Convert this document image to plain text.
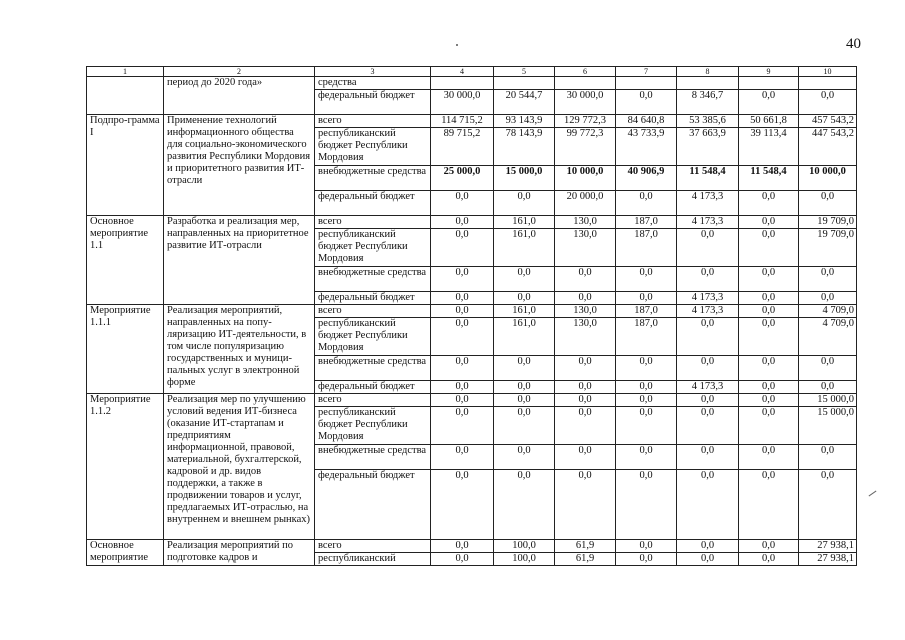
40
1	2	3	4	5	6	7	8	9	10
	период до 2020 года»	средства							
		федеральный бюджет	30 000,0	20 544,7	30 000,0	0,0	8 346,7	0,0	0,0
Подпро-грамма I	Применение технологий информационного общества для социально-экономического развития Республики Мордовия и приоритетного развития ИТ-отрасли	всего	114 715,2	93 143,9	129 772,3	84 640,8	53 385,6	50 661,8	457 543,2
		республиканский бюджет Республики Мордовия	89 715,2	78 143,9	99 772,3	43 733,9	37 663,9	39 113,4	447 543,2
		внебюджетные средства	25 000,0	15 000,0	10 000,0	40 906,9	11 548,4	11 548,4	10 000,0
		федеральный бюджет	0,0	0,0	20 000,0	0,0	4 173,3	0,0	0,0
Основное мероприятие 1.1	Разработка и реализация мер, направленных на приоритетное развитие ИТ-отрасли	всего	0,0	161,0	130,0	187,0	4 173,3	0,0	19 709,0
		республиканский бюджет Республики Мордовия	0,0	161,0	130,0	187,0	0,0	0,0	19 709,0
		внебюджетные средства	0,0	0,0	0,0	0,0	0,0	0,0	0,0
		федеральный бюджет	0,0	0,0	0,0	0,0	4 173,3	0,0	0,0
Мероприятие 1.1.1	Реализация мероприятий, направленных на попу-ляризацию ИТ-деятельности, в том числе популяризацию государственных и муници-пальных услуг в электронной форме	всего	0,0	161,0	130,0	187,0	4 173,3	0,0	4 709,0
		республиканский бюджет Республики Мордовия	0,0	161,0	130,0	187,0	0,0	0,0	4 709,0
		внебюджетные средства	0,0	0,0	0,0	0,0	0,0	0,0	0,0
		федеральный бюджет	0,0	0,0	0,0	0,0	4 173,3	0,0	0,0
Мероприятие 1.1.2	Реализация мер по улучшению условий ведения ИТ-бизнеса (оказание ИТ-стартапам и предприятиям информационной, правовой, материальной, бухгалтерской, кадровой и др. видов поддержки, а также в продвижении товаров и услуг, предлагаемых ИТ-отраслью, на внутреннем и внешнем рынках)	всего	0,0	0,0	0,0	0,0	0,0	0,0	15 000,0
		республиканский бюджет Республики Мордовия	0,0	0,0	0,0	0,0	0,0	0,0	15 000,0
		внебюджетные средства	0,0	0,0	0,0	0,0	0,0	0,0	0,0
		федеральный бюджет	0,0	0,0	0,0	0,0	0,0	0,0	0,0
Основное мероприятие	Реализация мероприятий по подготовке кадров и	всего	0,0	100,0	61,9	0,0	0,0	0,0	27 938,1
		республиканский	0,0	100,0	61,9	0,0	0,0	0,0	27 938,1
